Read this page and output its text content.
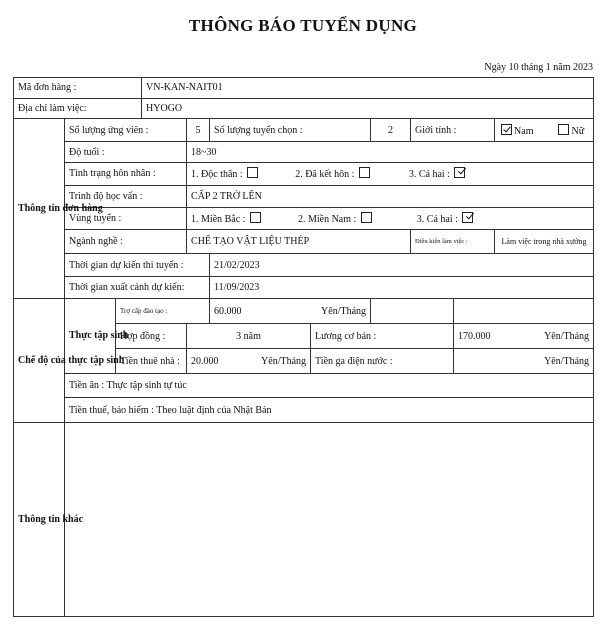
THÔNG BÁO TUYỂN DỤNG
Ngày 10 tháng 1 năm 2023
Mã đơn hàng :			VN-KAN-NAIT01							
Địa chỉ làm việc:			HYOGO							
Thông tin đơn hàng	Số lượng ứng viên :			5	Số lượng tuyển chọn :		2	Giới tính :		Nam Nữ
	Độ tuổi :			18~30						
	Tình trạng hôn nhân :			1. Độc thân : 2. Đã kết hôn : 3. Cả hai :						
	Trình độ học vấn :			CẤP 2 TRỞ LÊN						
	Vùng tuyển :			1. Miền Bắc : 2. Miền Nam : 3. Cả hai :						
	Ngành nghề :			CHẾ TẠO VẬT LIỆU THÉP				Điều kiện làm việc :		Làm việc trong nhà xưởng
	Thời gian dự kiến thi tuyển :				21/02/2023					
	Thời gian xuất cảnh dự kiến:				11/09/2023					
Chế độ của thực tập sinh	Thực tập sinh	Trợ cấp đào tạo :			60.000 Yên/Tháng					

		Hợp đồng :		3 năm		Lương cơ bản :			170.000 Yên/Tháng	

		Tiền thuê nhà :		20.000 Yên/Tháng		Tiền ga điện nước :			Yên/Tháng	
	Tiền ăn : Thực tập sinh tự túc									
	Tiền thuế, bảo hiểm : Theo luật định của Nhật Bản									
Thông tin khác										
